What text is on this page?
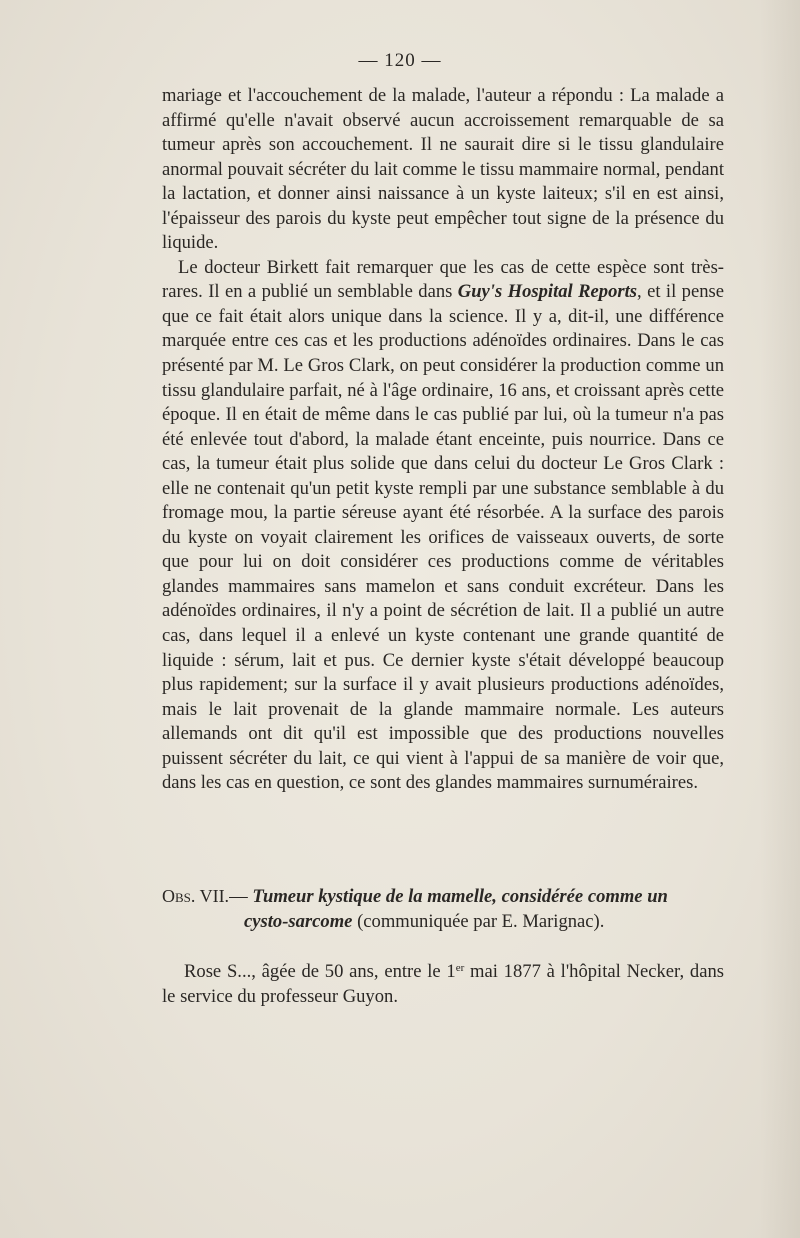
— 120 —

mariage et l'accouchement de la malade, l'auteur a répondu : La malade a affirmé qu'elle n'avait observé aucun accroissement remarquable de sa tumeur après son accouchement. Il ne saurait dire si le tissu glandulaire anormal pouvait sécréter du lait comme le tissu mammaire normal, pendant la lactation, et donner ainsi naissance à un kyste laiteux; s'il en est ainsi, l'épaisseur des parois du kyste peut empêcher tout signe de la présence du liquide.

Le docteur Birkett fait remarquer que les cas de cette espèce sont très-rares. Il en a publié un semblable dans Guy's Hospital Reports, et il pense que ce fait était alors unique dans la science. Il y a, dit-il, une différence marquée entre ces cas et les productions adénoïdes ordinaires. Dans le cas présenté par M. Le Gros Clark, on peut considérer la production comme un tissu glandulaire parfait, né à l'âge ordinaire, 16 ans, et croissant après cette époque. Il en était de même dans le cas publié par lui, où la tumeur n'a pas été enlevée tout d'abord, la malade étant enceinte, puis nourrice. Dans ce cas, la tumeur était plus solide que dans celui du docteur Le Gros Clark : elle ne contenait qu'un petit kyste rempli par une substance semblable à du fromage mou, la partie séreuse ayant été résorbée. A la surface des parois du kyste on voyait clairement les orifices de vaisseaux ouverts, de sorte que pour lui on doit considérer ces productions comme de véritables glandes mammaires sans mamelon et sans conduit excréteur. Dans les adénoïdes ordinaires, il n'y a point de sécrétion de lait. Il a publié un autre cas, dans lequel il a enlevé un kyste contenant une grande quantité de liquide : sérum, lait et pus. Ce dernier kyste s'était développé beaucoup plus rapidement; sur la surface il y avait plusieurs productions adénoïdes, mais le lait provenait de la glande mammaire normale. Les auteurs allemands ont dit qu'il est impossible que des productions nouvelles puissent sécréter du lait, ce qui vient à l'appui de sa manière de voir que, dans les cas en question, ce sont des glandes mammaires surnuméraires.

Obs. VII.— Tumeur kystique de la mamelle, considérée comme un
cysto-sarcome (communiquée par E. Marignac).

Rose S..., âgée de 50 ans, entre le 1er mai 1877 à l'hôpital Necker, dans le service du professeur Guyon.
